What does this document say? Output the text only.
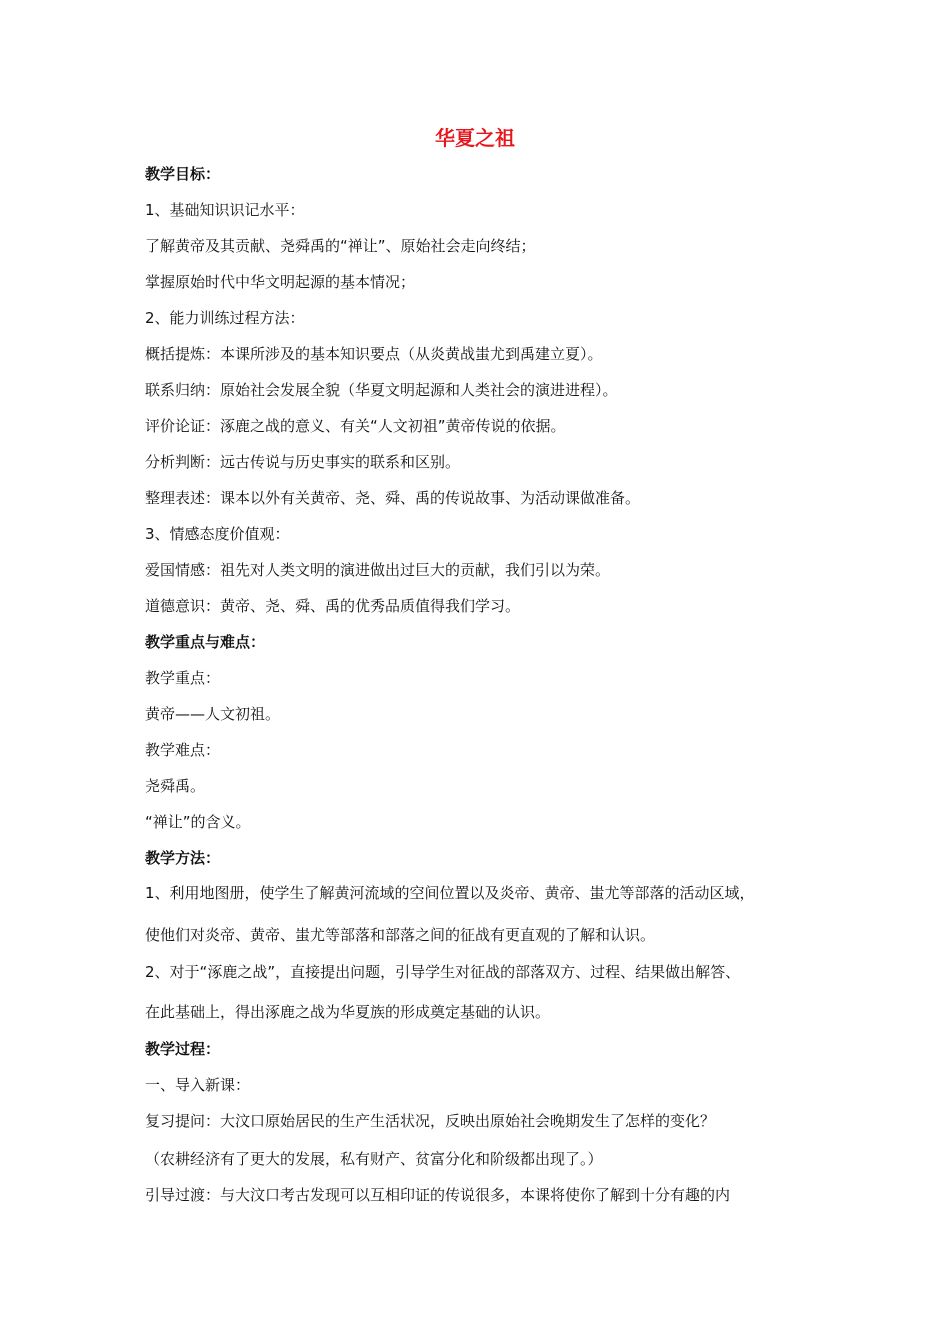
华夏之祖
教学目标：
1、基础知识识记水平：
了解黄帝及其贡献、尧舜禹的“禅让”、原始社会走向终结；
掌握原始时代中华文明起源的基本情况；
2、能力训练过程方法：
概括提炼：本课所涉及的基本知识要点（从炎黄战蚩尤到禹建立夏）。
联系归纳：原始社会发展全貌（华夏文明起源和人类社会的演进进程）。
评价论证：涿鹿之战的意义、有关“人文初祖”黄帝传说的依据。
分析判断：远古传说与历史事实的联系和区别。
整理表述：课本以外有关黄帝、尧、舜、禹的传说故事、为活动课做准备。
3、情感态度价值观：
爱国情感：祖先对人类文明的演进做出过巨大的贡献，我们引以为荣。
道德意识：黄帝、尧、舜、禹的优秀品质值得我们学习。
教学重点与难点：
教学重点：
黄帝——人文初祖。
教学难点：
尧舜禹。
“禅让”的含义。
教学方法：
1、利用地图册，使学生了解黄河流域的空间位置以及炎帝、黄帝、蚩尤等部落的活动区域，
使他们对炎帝、黄帝、蚩尤等部落和部落之间的征战有更直观的了解和认识。
2、对于“涿鹿之战”，直接提出问题，引导学生对征战的部落双方、过程、结果做出解答、
在此基础上，得出涿鹿之战为华夏族的形成奠定基础的认识。
教学过程：
一、导入新课：
复习提问：大汶口原始居民的生产生活状况，反映出原始社会晚期发生了怎样的变化？
（农耕经济有了更大的发展，私有财产、贫富分化和阶级都出现了。）
引导过渡：与大汶口考古发现可以互相印证的传说很多，本课将使你了解到十分有趣的内
